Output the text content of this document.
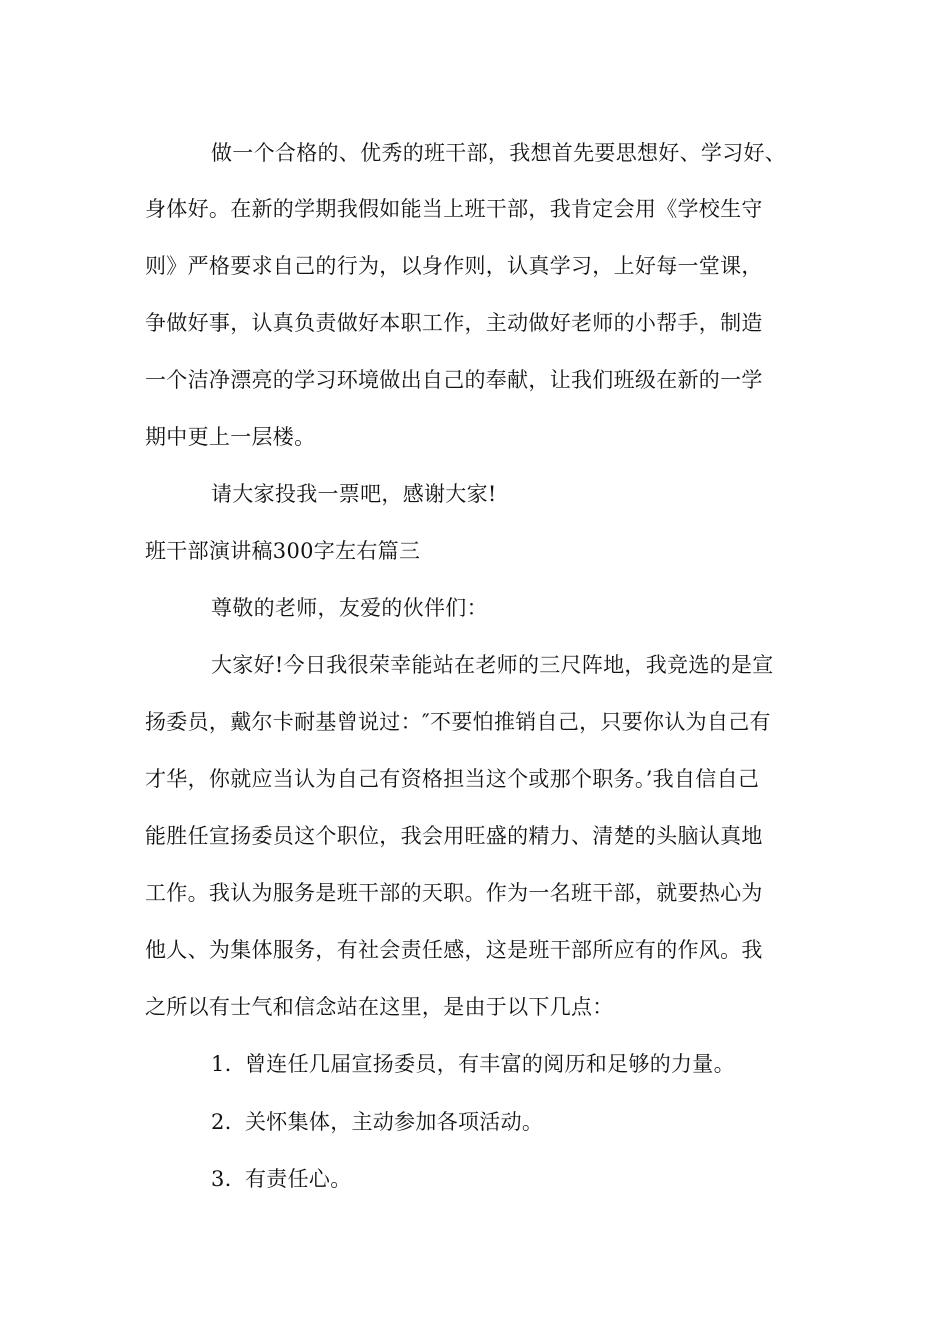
做一个合格的、优秀的班干部，我想首先要思想好、学习好、
身体好。在新的学期我假如能当上班干部，我肯定会用《学校生守
则》严格要求自己的行为，以身作则，认真学习，上好每一堂课，
争做好事，认真负责做好本职工作，主动做好老师的小帮手，制造
一个洁净漂亮的学习环境做出自己的奉献，让我们班级在新的一学
期中更上一层楼。
请大家投我一票吧，感谢大家!
班干部演讲稿300字左右篇三
尊敬的老师，友爱的伙伴们：
大家好!今日我很荣幸能站在老师的三尺阵地，我竞选的是宣
扬委员，戴尔卡耐基曾说过：″不要怕推销自己，只要你认为自己有
才华，你就应当认为自己有资格担当这个或那个职务。’我自信自己
能胜任宣扬委员这个职位，我会用旺盛的精力、清楚的头脑认真地
工作。我认为服务是班干部的天职。作为一名班干部，就要热心为
他人、为集体服务，有社会责任感，这是班干部所应有的作风。我
之所以有士气和信念站在这里，是由于以下几点：
1. 曾连任几届宣扬委员，有丰富的阅历和足够的力量。
2. 关怀集体，主动参加各项活动。
3. 有责任心。
